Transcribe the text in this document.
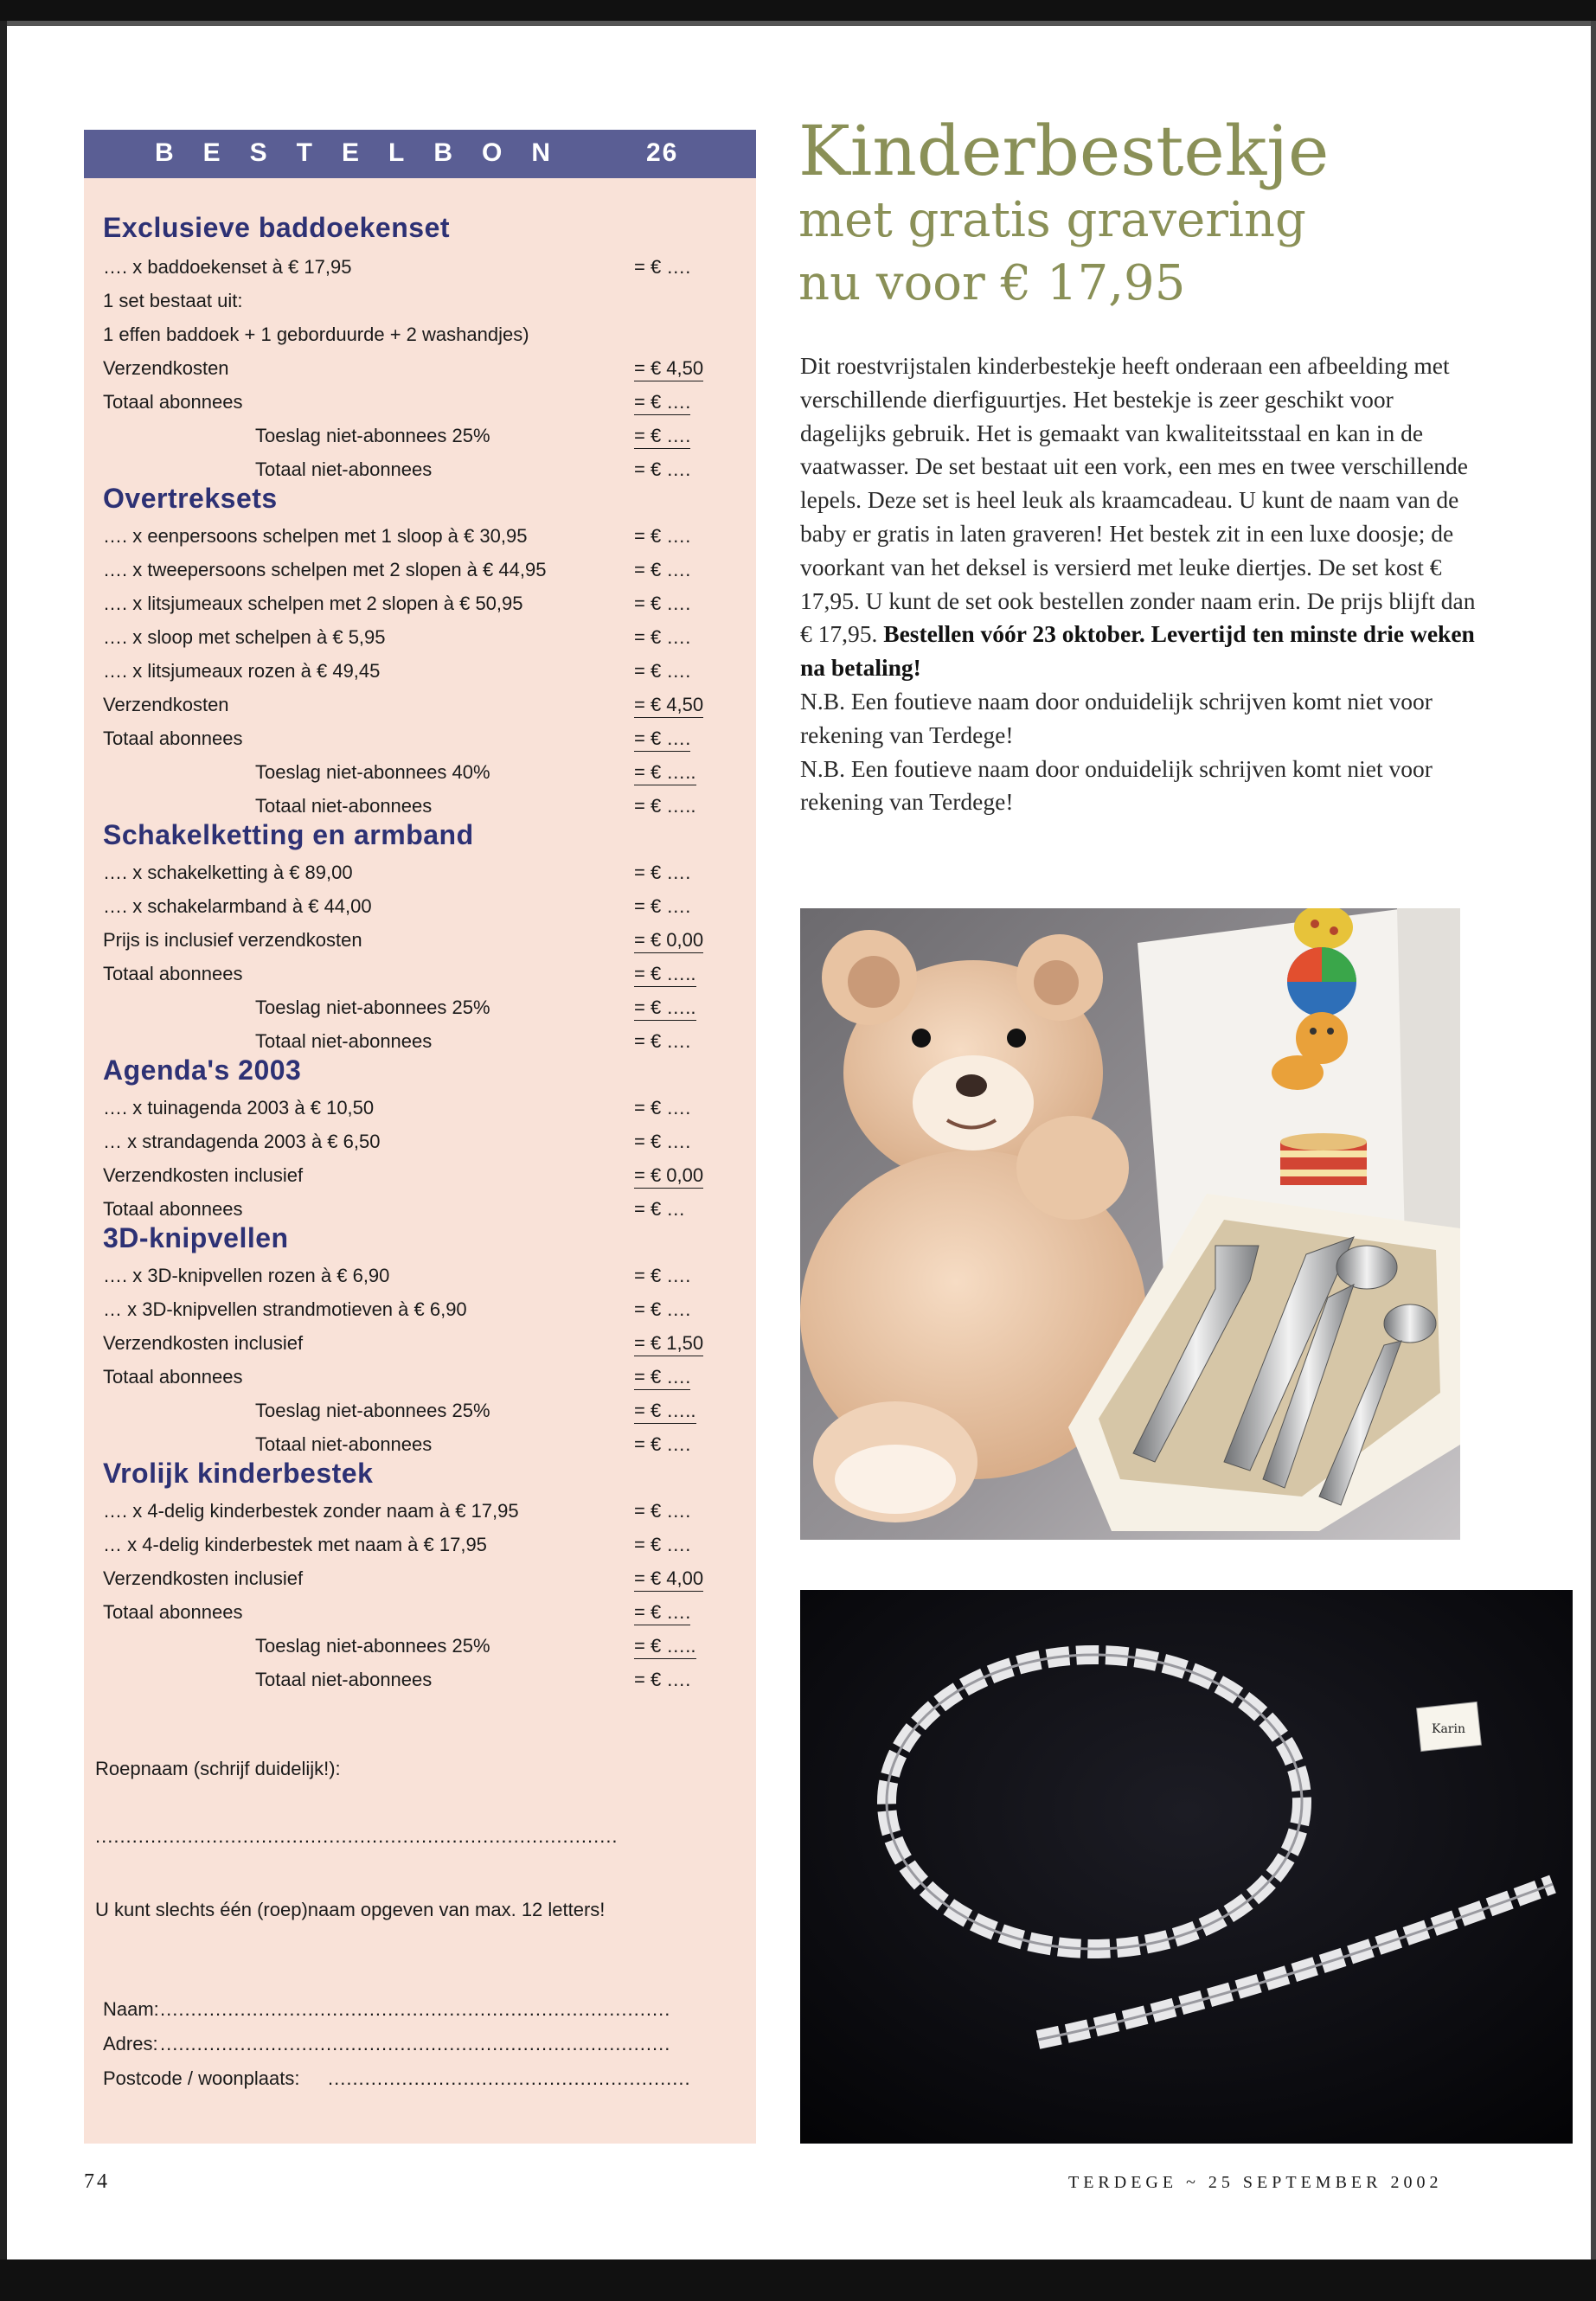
BESTELBON	26
Exclusieve baddoekenset
…. x baddoekenset à € 17,95	= € ….
1 set bestaat uit:
1 effen baddoek + 1 geborduurde + 2 washandjes)
Verzendkosten	= € 4,50
Totaal abonnees	= € ….
Toeslag niet-abonnees 25%	= € ….
Totaal niet-abonnees	= € ….
Overtreksets
…. x eenpersoons schelpen met 1 sloop à € 30,95	= € ….
…. x tweepersoons schelpen met 2 slopen à € 44,95	= € ….
…. x litsjumeaux schelpen met 2 slopen à € 50,95	= € ….
…. x sloop met schelpen à € 5,95	= € ….
…. x litsjumeaux rozen à € 49,45	= € ….
Verzendkosten	= € 4,50
Totaal abonnees	= € ….
Toeslag niet-abonnees 40%	= € …..
Totaal niet-abonnees	= € …..
Schakelketting en armband
…. x schakelketting à € 89,00	= € ….
…. x schakelarmband à € 44,00	= € ….
Prijs is inclusief verzendkosten	= € 0,00
Totaal abonnees	= € …..
Toeslag niet-abonnees 25%	= € …..
Totaal niet-abonnees	= € ….
Agenda's 2003
…. x tuinagenda 2003 à € 10,50	= € ….
… x strandagenda 2003 à € 6,50	= € ….
Verzendkosten inclusief	= € 0,00
Totaal abonnees	= € …
3D-knipvellen
…. x 3D-knipvellen rozen à € 6,90	= € ….
… x 3D-knipvellen strandmotieven à € 6,90	= € ….
Verzendkosten inclusief	= € 1,50
Totaal abonnees	= € ….
Toeslag niet-abonnees 25%	= € …..
Totaal niet-abonnees	= € ….
Vrolijk kinderbestek
…. x 4-delig kinderbestek zonder naam à € 17,95	= € ….
… x 4-delig kinderbestek met naam à € 17,95	= € ….
Verzendkosten inclusief	= € 4,00
Totaal abonnees	= € ….
Toeslag niet-abonnees 25%	= € …..
Totaal niet-abonnees	= € ….
Roepnaam (schrijf duidelijk!):
.....................................................................................
U kunt slechts één (roep)naam opgeven van max. 12 letters!
Naam: ...................................................................................
Adres: ...................................................................................
Postcode / woonplaats: ...........................................................
Kinderbestekje
met gratis gravering
nu voor € 17,95

Dit roestvrijstalen kinderbestekje heeft onderaan een afbeelding met verschillende dierfiguurtjes. Het bestekje is zeer geschikt voor dagelijks gebruik. Het is gemaakt van kwaliteitsstaal en kan in de vaatwasser. De set bestaat uit een vork, een mes en twee verschillende lepels. Deze set is heel leuk als kraamcadeau. U kunt de naam van de baby er gratis in laten graveren! Het bestek zit in een luxe doosje; de voorkant van het deksel is versierd met leuke diertjes. De set kost € 17,95. U kunt de set ook bestellen zonder naam erin. De prijs blijft dan € 17,95. Bestellen vóór 23 oktober. Levertijd ten minste drie weken na betaling!

N.B. Een foutieve naam door onduidelijk schrijven komt niet voor rekening van Terdege!

N.B. Een foutieve naam door onduidelijk schrijven komt niet voor rekening van Terdege!

Karin
74	TERDEGE ~ 25 SEPTEMBER 2002
